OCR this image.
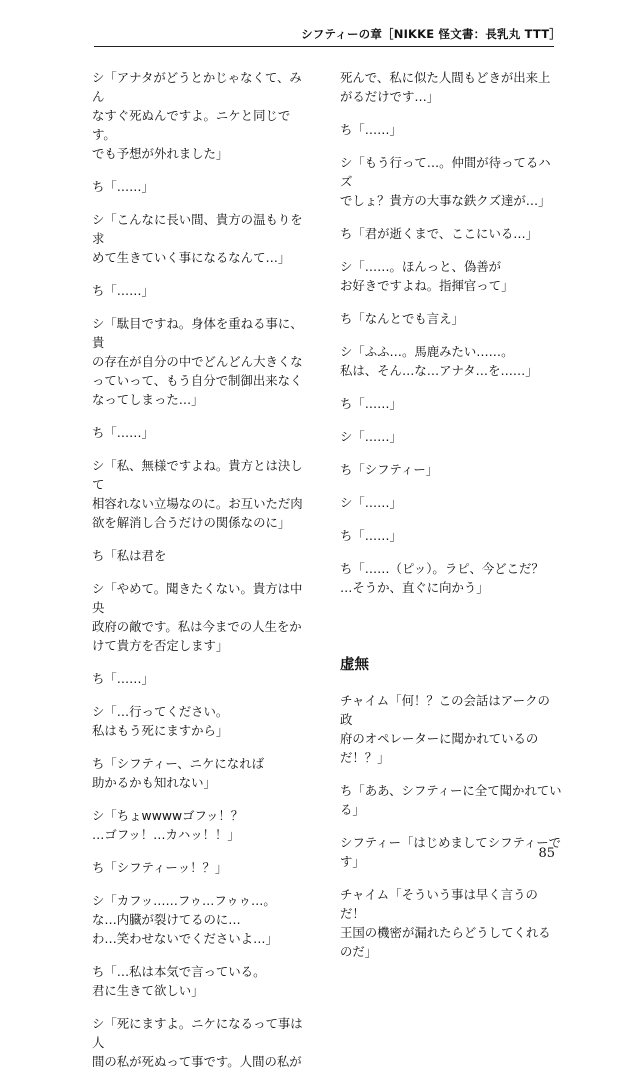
シフティーの章［NIKKE 怪文書：長乳丸 TTT］

シ「アナタがどうとかじゃなくて、みん
なすぐ死ぬんですよ。ニケと同じです。
でも予想が外れました」

ち「……」

シ「こんなに長い間、貴方の温もりを求
めて生きていく事になるなんて…」

ち「……」

シ「駄目ですね。身体を重ねる事に、貴
の存在が自分の中でどんどん大きくな
っていって、もう自分で制御出来なく
なってしまった…」

ち「……」

シ「私、無様ですよね。貴方とは決して
相容れない立場なのに。お互いただ肉
欲を解消し合うだけの関係なのに」

ち「私は君を

シ「やめて。聞きたくない。貴方は中央
政府の敵です。私は今までの人生をか
けて貴方を否定します」

ち「……」

シ「…行ってください。
私はもう死にますから」

ち「シフティー、ニケになれば
助かるかも知れない」

シ「ちょwwwwゴフッ！？
…ゴフッ！…カハッ！！」

ち「シフティーッ！？」

シ「カフッ……フゥ…フゥゥ…。
な…内臓が裂けてるのに…
わ…笑わせないでくださいよ…」

ち「…私は本気で言っている。
君に生きて欲しい」

シ「死にますよ。ニケになるって事は人
間の私が死ぬって事です。人間の私が

死んで、私に似た人間もどきが出来上
がるだけです…」

ち「……」

シ「もう行って…。仲間が待ってるハズ
でしょ？貴方の大事な鉄クズ達が…」

ち「君が逝くまで、ここにいる…」

シ「……。ほんっと、偽善が
お好きですよね。指揮官って」

ち「なんとでも言え」

シ「ふふ…。馬鹿みたい……。
私は、そん…な…アナタ…を……」

ち「……」

シ「……」

ち「シフティー」

シ「……」

ち「……」

ち「……（ピッ）。ラピ、今どこだ？
…そうか、直ぐに向かう」

虚無

チャイム「何！？この会話はアークの政
府のオペレーターに聞かれているの
だ！？」

ち「ああ、シフティーに全て聞かれてい
る」

シフティー「はじめましてシフティーで
す」

チャイム「そういう事は早く言うのだ！
王国の機密が漏れたらどうしてくれる
のだ」

85
